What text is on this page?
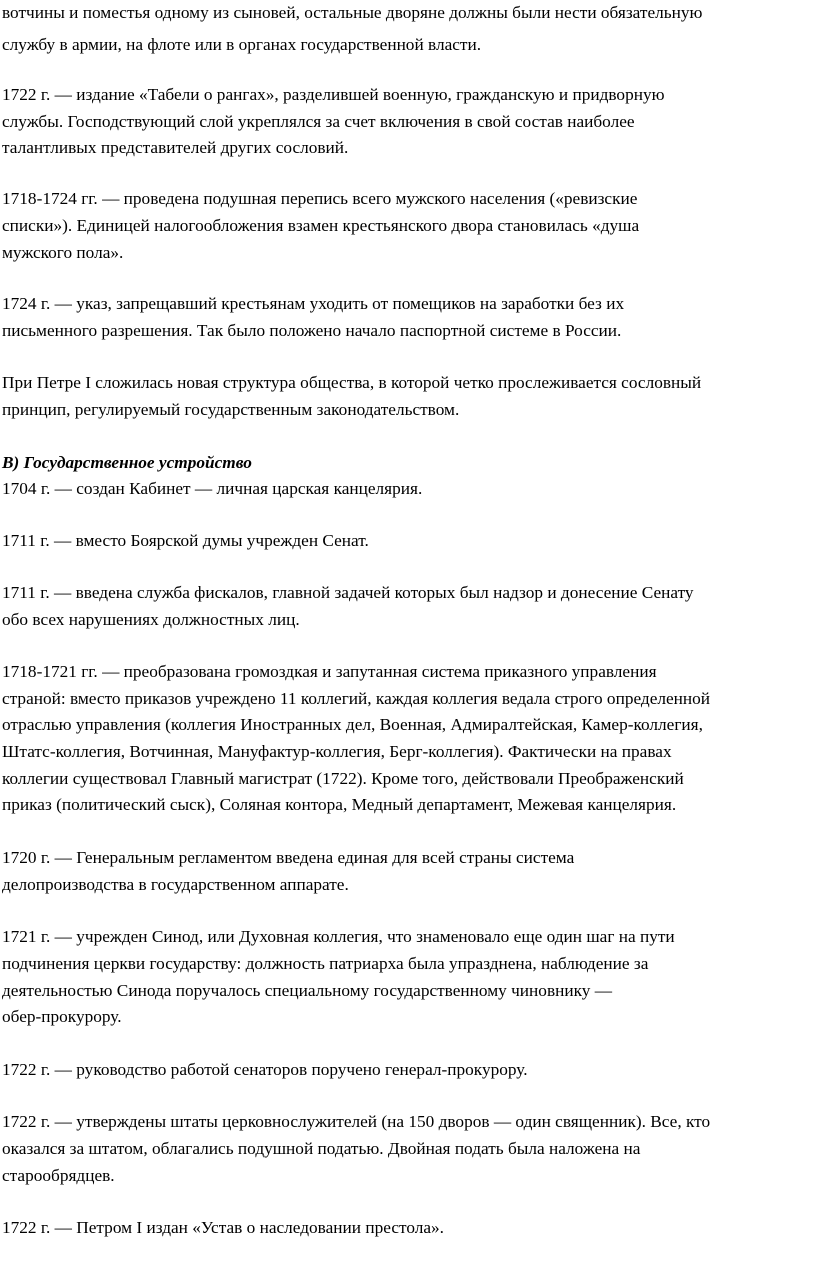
вотчины и поместья одному из сыновей, остальные дворяне должны были нести обязательную
службу в армии, на флоте или в органах государственной власти.
1722 г. — издание «Табели о рангах», разделившей военную, гражданскую и придворную
службы. Господствующий слой укреплялся за счет включения в свой состав наиболее
талантливых представителей других сословий.
1718-1724 гг. — проведена подушная перепись всего мужского населения («ревизские
списки»). Единицей налогообложения взамен крестьянского двора становилась «душа
мужского пола».
1724 г. — указ, запрещавший крестьянам уходить от помещиков на заработки без их
письменного разрешения. Так было положено начало паспортной системе в России.
При Петре I сложилась новая структура общества, в которой четко прослеживается сословный
принцип, регулируемый государственным законодательством.
В) Государственное устройство
1704 г. — создан Кабинет — личная царская канцелярия.
1711 г. — вместо Боярской думы учрежден Сенат.
1711 г. — введена служба фискалов, главной задачей которых был надзор и донесение Сенату
обо всех нарушениях должностных лиц.
1718-1721 гг. — преобразована громоздкая и запутанная система приказного управления
страной: вместо приказов учреждено 11 коллегий, каждая коллегия ведала строго определенной
отраслью управления (коллегия Иностранных дел, Военная, Адмиралтейская, Камер-коллегия,
Штатс-коллегия, Вотчинная, Мануфактур-коллегия, Берг-коллегия). Фактически на правах
коллегии существовал Главный магистрат (1722). Кроме того, действовали Преображенский
приказ (политический сыск), Соляная контора, Медный департамент, Межевая канцелярия.
1720 г. — Генеральным регламентом введена единая для всей страны система
делопроизводства в государственном аппарате.
1721 г. — учрежден Синод, или Духовная коллегия, что знаменовало еще один шаг на пути
подчинения церкви государству: должность патриарха была упразднена, наблюдение за
деятельностью Синода поручалось специальному государственному чиновнику —
обер-прокурору.
1722 г. — руководство работой сенаторов поручено генерал-прокурору.
1722 г. — утверждены штаты церковнослужителей (на 150 дворов — один священник). Все, кто
оказался за штатом, облагались подушной податью. Двойная подать была наложена на
старообрядцев.
1722 г. — Петром I издан «Устав о наследовании престола».
